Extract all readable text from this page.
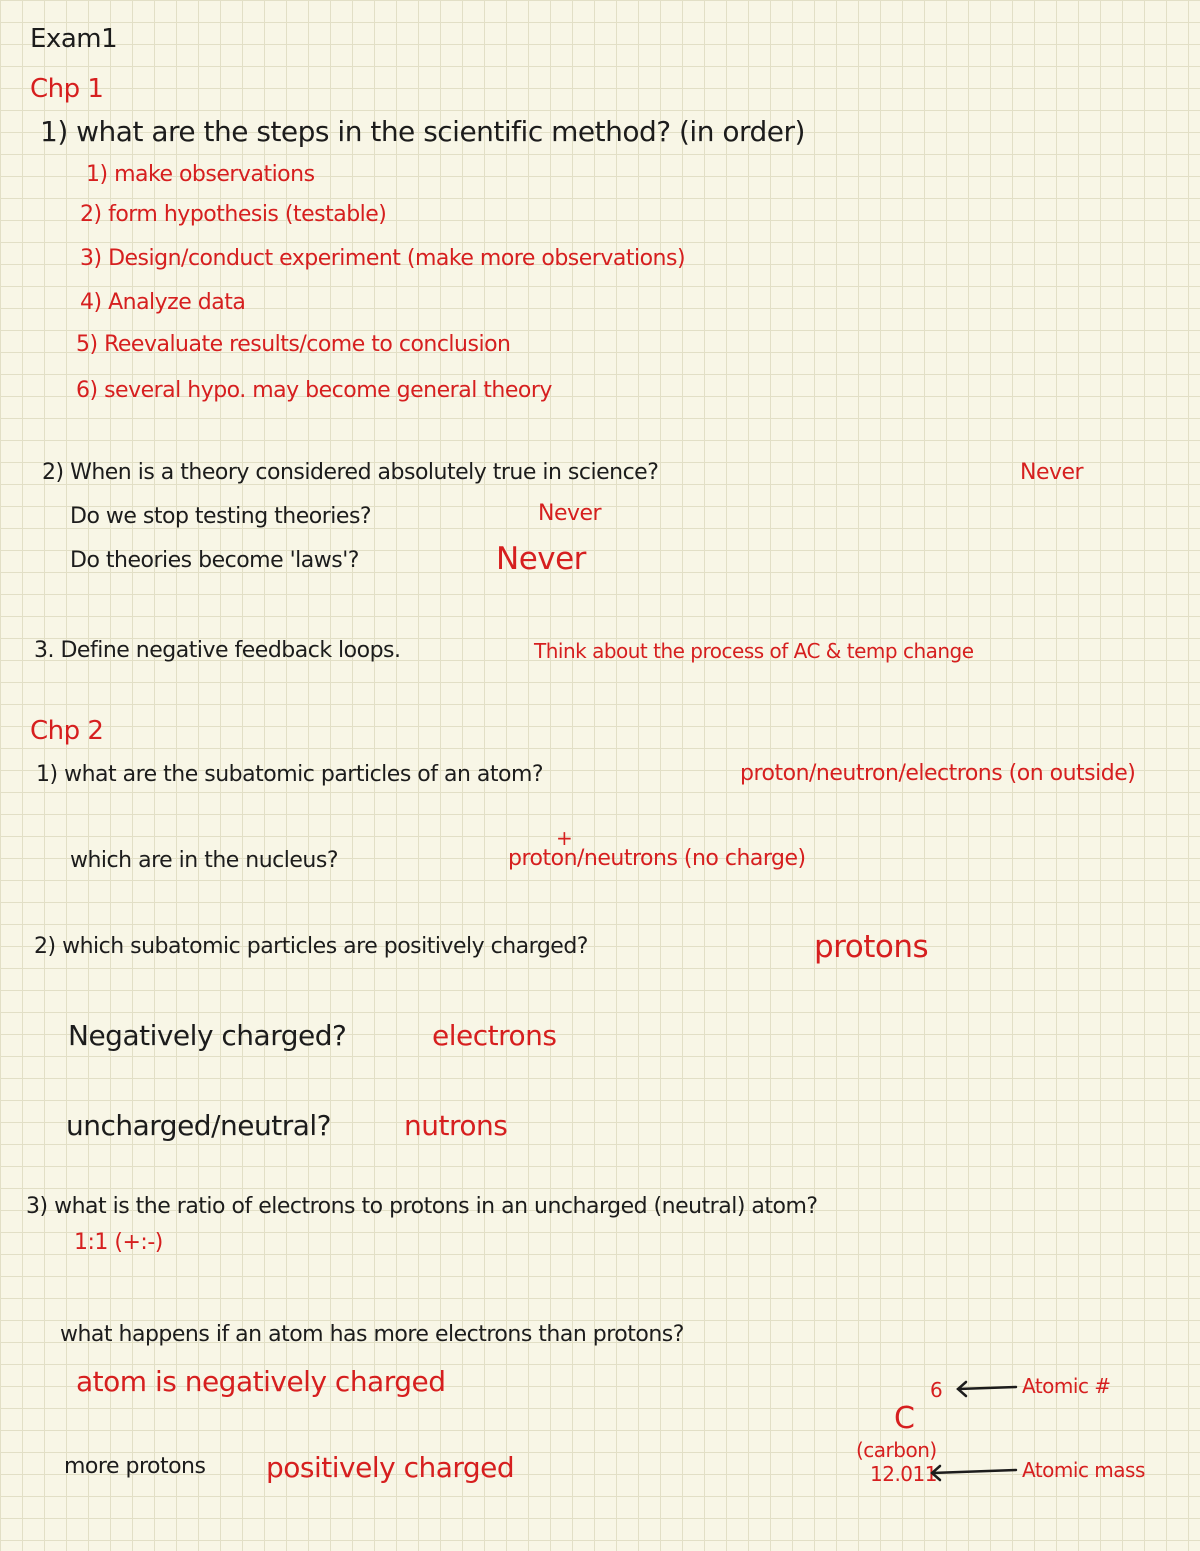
Exam1
Chp 1
1) what are the steps in the scientific method? (in order)
1) make observations
2) form hypothesis (testable)
3) Design/conduct experiment (make more observations)
4) Analyze data
5) Reevaluate results/come to conclusion
6) several hypo. may become general theory
2) When is a theory considered absolutely true in science?	Never
Do we stop testing theories?	Never
Do theories become 'laws'?	Never
3. Define negative feedback loops.	Think about the process of AC & temp change
Chp 2
1) what are the subatomic particles of an atom?	proton/neutron/electrons (on outside)
+
which are in the nucleus?	proton/neutrons (no charge)
2) which subatomic particles are positively charged?	protons
Negatively charged?	electrons
uncharged/neutral?	nutrons
3) what is the ratio of electrons to protons in an uncharged (neutral) atom?
1:1 (+:-)
what happens if an atom has more electrons than protons?
atom is negatively charged
more protons positively charged
6
C
(carbon)
12.011
Atomic #
Atomic mass
